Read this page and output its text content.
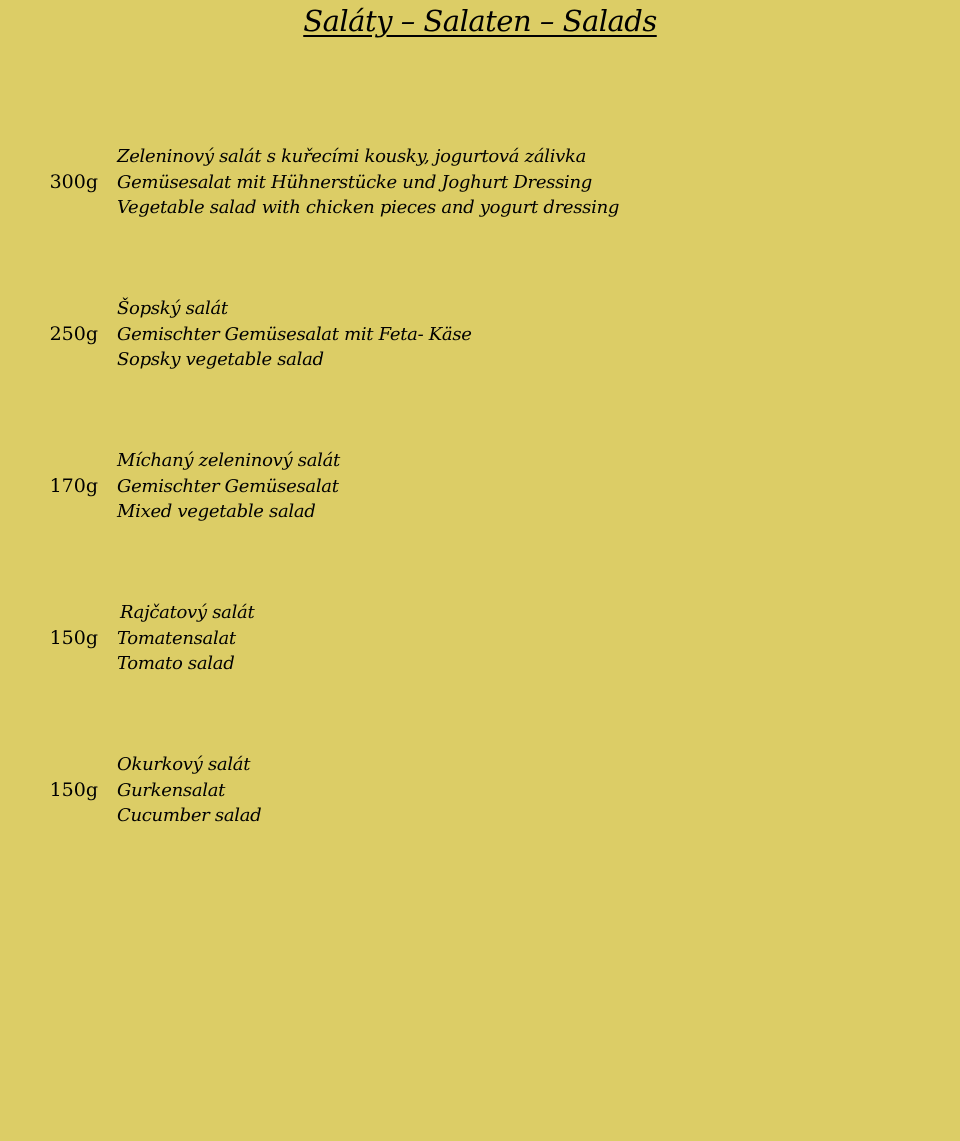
Saláty – Salaten – Salads
300g
Zeleninový salát s kuřecími kousky, jogurtová zálivka
Gemüsesalat mit Hühnerstücke und Joghurt Dressing
Vegetable salad with chicken pieces and yogurt dressing
250g
Šopský salát
Gemischter Gemüsesalat mit Feta- Käse
Sopsky vegetable salad
170g
Míchaný zeleninový salát
Gemischter Gemüsesalat
Mixed vegetable salad
150g
Rajčatový salát
Tomatensalat
Tomato salad
150g
Okurkový salát
Gurkensalat
Cucumber salad
